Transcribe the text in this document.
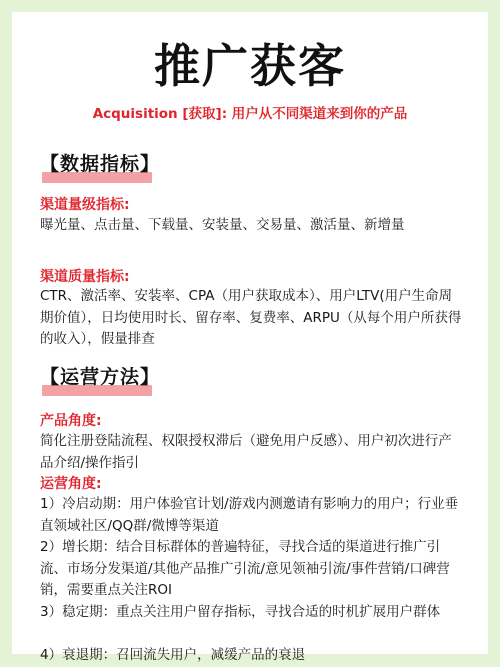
推广获客
Acquisition [获取]: 用户从不同渠道来到你的产品
【数据指标】
渠道量级指标:

曝光量、点击量、下载量、安装量、交易量、激活量、新增量

渠道质量指标:

CTR、激活率、安装率、CPA（用户获取成本）、用户LTV(用户生命周期价值），日均使用时长、留存率、复费率、ARPU（从每个用户所获得的收入），假量排查

【运营方法】
产品角度:

简化注册登陆流程、权限授权滞后（避免用户反感）、用户初次进行产品介绍/操作指引

运营角度:

1）冷启动期：用户体验官计划/游戏内测邀请有影响力的用户；行业垂直领域社区/QQ群/微博等渠道

2）增长期：结合目标群体的普遍特征，寻找合适的渠道进行推广引流、市场分发渠道/其他产品推广引流/意见领袖引流/事件营销/口碑营销，需要重点关注ROI

3）稳定期：重点关注用户留存指标，寻找合适的时机扩展用户群体

4）衰退期：召回流失用户，减缓产品的衰退
